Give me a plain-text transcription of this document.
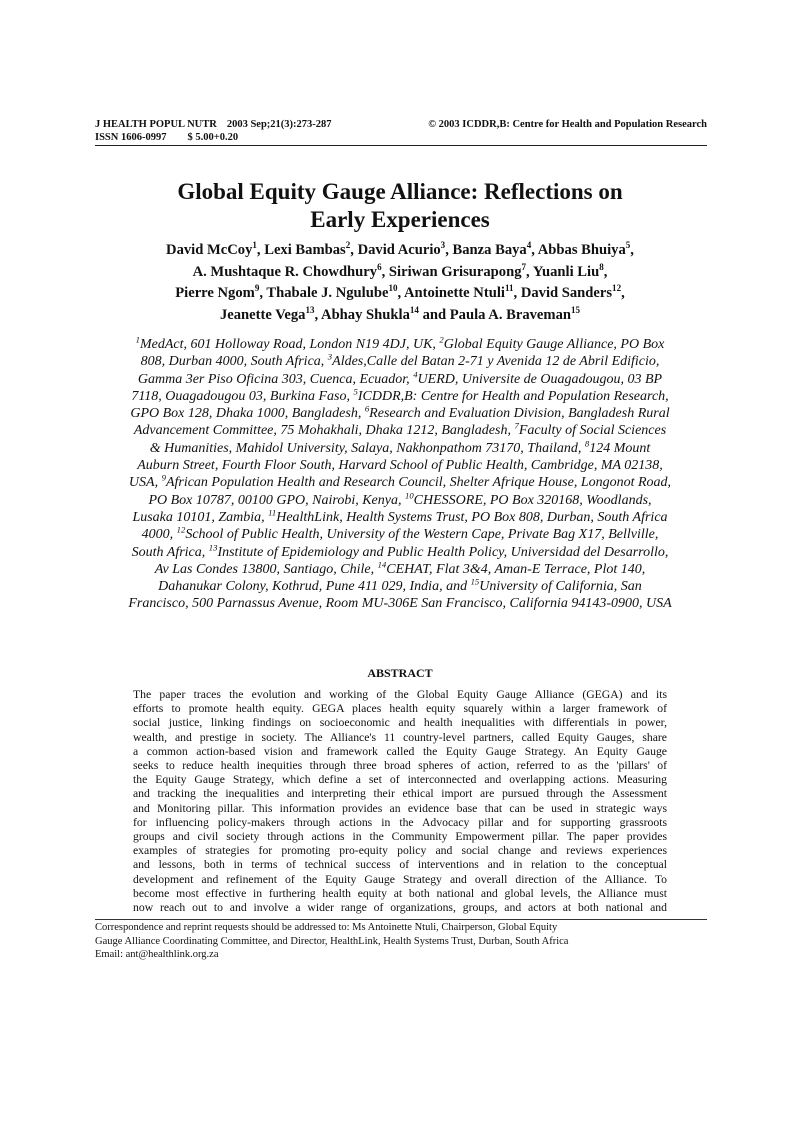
J HEALTH POPUL NUTR 2003 Sep;21(3):273-287	© 2003 ICDDR,B: Centre for Health and Population Research
ISSN 1606-0997 $ 5.00+0.20
Global Equity Gauge Alliance: Reflections on
Early Experiences

David McCoy$^1$, Lexi Bambas$^2$, David Acurio$^3$, Banza Baya$^4$, Abbas Bhuiya$^5$,
A. Mushtaque R. Chowdhury$^6$, Siriwan Grisurapong$^7$, Yuanli Liu$^8$,
Pierre Ngom$^9$, Thabale J. Ngulube$^{10}$, Antoinette Ntuli$^{11}$, David Sanders$^{12}$,
Jeanette Vega$^{13}$, Abhay Shukla$^{14}$ and Paula A. Braveman$^{15}$

$^1$MedAct, 601 Holloway Road, London N19 4DJ, UK, $^2$Global Equity Gauge Alliance, PO Box 808, Durban 4000, South Africa, $^3$Aldes,Calle del Batan 2-71 y Avenida 12 de Abril Edificio, Gamma 3er Piso Oficina 303, Cuenca, Ecuador, $^4$UERD, Universite de Ouagadougou, 03 BP 7118, Ouagadougou 03, Burkina Faso, $^5$ICDDR,B: Centre for Health and Population Research, GPO Box 128, Dhaka 1000, Bangladesh, $^6$Research and Evaluation Division, Bangladesh Rural Advancement Committee, 75 Mohakhali, Dhaka 1212, Bangladesh, $^7$Faculty of Social Sciences & Humanities, Mahidol University, Salaya, Nakhonpathom 73170, Thailand, $^8$124 Mount Auburn Street, Fourth Floor South, Harvard School of Public Health, Cambridge, MA 02138, USA, $^9$African Population Health and Research Council, Shelter Afrique House, Longonot Road, PO Box 10787, 00100 GPO, Nairobi, Kenya, $^{10}$CHESSORE, PO Box 320168, Woodlands, Lusaka 10101, Zambia, $^{11}$HealthLink, Health Systems Trust, PO Box 808, Durban, South Africa 4000, $^{12}$School of Public Health, University of the Western Cape, Private Bag X17, Bellville, South Africa, $^{13}$Institute of Epidemiology and Public Health Policy, Universidad del Desarrollo, Av Las Condes 13800, Santiago, Chile, $^{14}$CEHAT, Flat 3&4, Aman-E Terrace, Plot 140, Dahanukar Colony, Kothrud, Pune 411 029, India, and $^{15}$University of California, San Francisco, 500 Parnassus Avenue, Room MU-306E San Francisco, California 94143-0900, USA

ABSTRACT

The paper traces the evolution and working of the Global Equity Gauge Alliance (GEGA) and its
efforts to promote health equity. GEGA places health equity squarely within a larger framework of
social justice, linking findings on socioeconomic and health inequalities with differentials in power,
wealth, and prestige in society. The Alliance's 11 country-level partners, called Equity Gauges, share
a common action-based vision and framework called the Equity Gauge Strategy. An Equity Gauge
seeks to reduce health inequities through three broad spheres of action, referred to as the 'pillars' of
the Equity Gauge Strategy, which define a set of interconnected and overlapping actions. Measuring
and tracking the inequalities and interpreting their ethical import are pursued through the Assessment
and Monitoring pillar. This information provides an evidence base that can be used in strategic ways
for influencing policy-makers through actions in the Advocacy pillar and for supporting grassroots
groups and civil society through actions in the Community Empowerment pillar. The paper provides
examples of strategies for promoting pro-equity policy and social change and reviews experiences
and lessons, both in terms of technical success of interventions and in relation to the conceptual
development and refinement of the Equity Gauge Strategy and overall direction of the Alliance. To
become most effective in furthering health equity at both national and global levels, the Alliance must
now reach out to and involve a wider range of organizations, groups, and actors at both national and

Correspondence and reprint requests should be addressed to: Ms Antoinette Ntuli, Chairperson, Global Equity
Gauge Alliance Coordinating Committee, and Director, HealthLink, Health Systems Trust, Durban, South Africa
Email: ant@healthlink.org.za
